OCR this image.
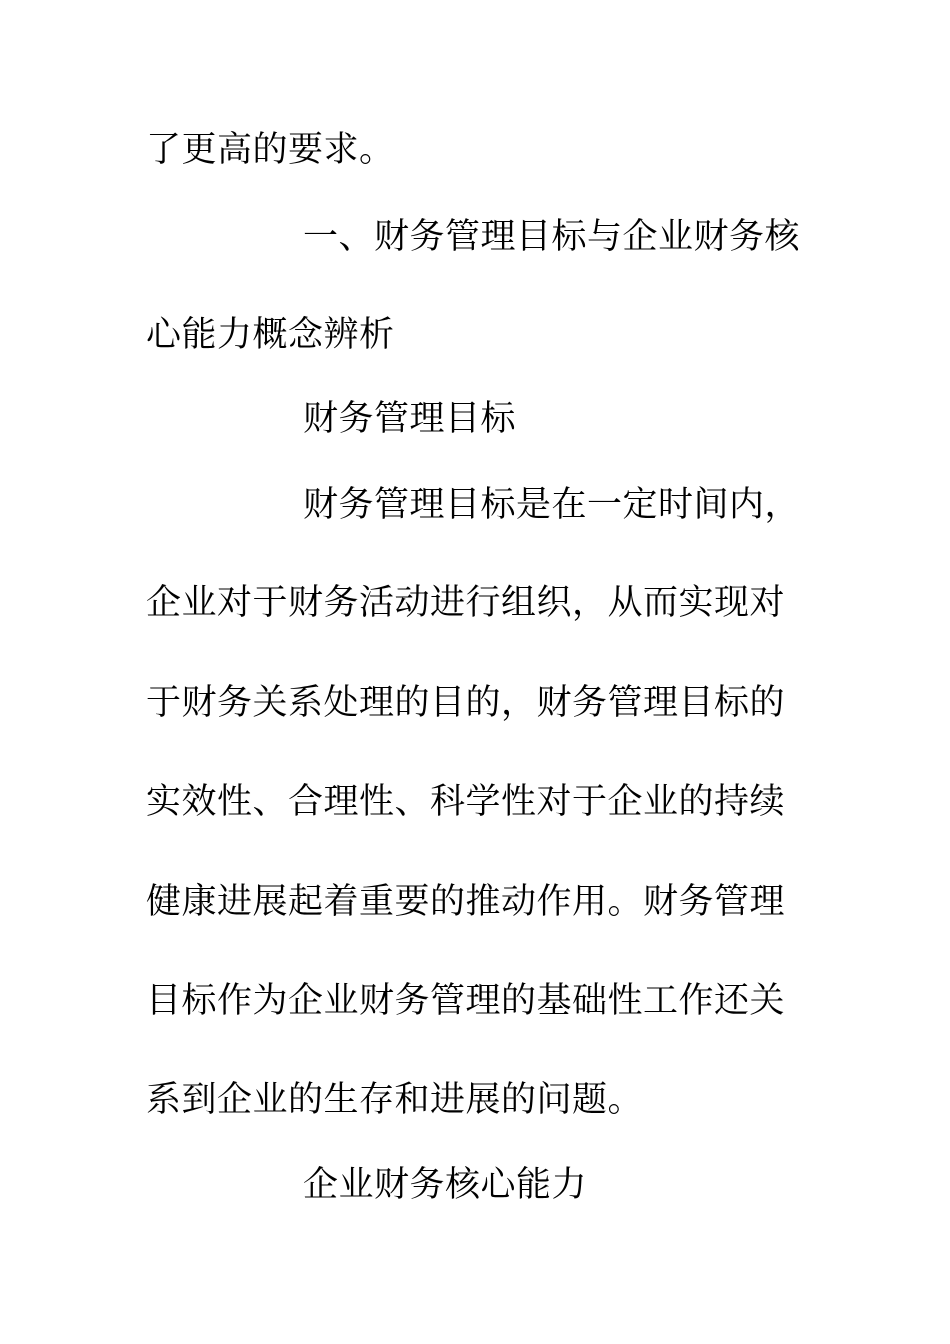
了更高的要求。
一、财务管理目标与企业财务核
心能力概念辨析
财务管理目标
财务管理目标是在一定时间内，
企业对于财务活动进行组织，从而实现对
于财务关系处理的目的，财务管理目标的
实效性、合理性、科学性对于企业的持续
健康进展起着重要的推动作用。财务管理
目标作为企业财务管理的基础性工作还关
系到企业的生存和进展的问题。
企业财务核心能力
